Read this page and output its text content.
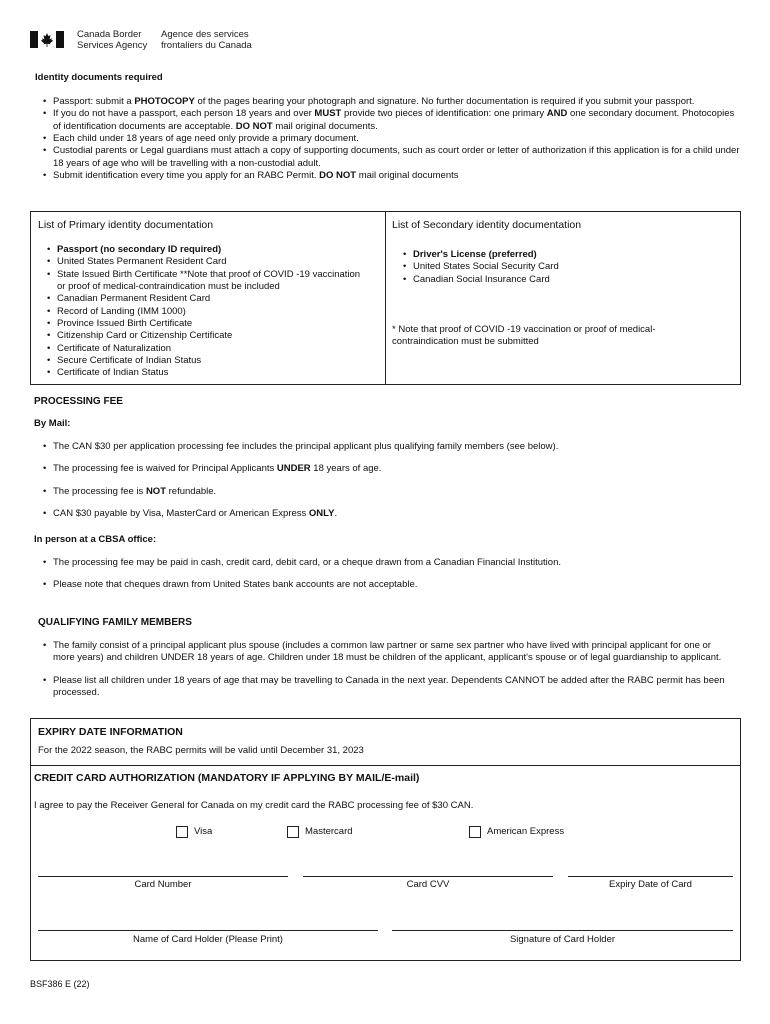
Canada Border
Services Agency
Agence des services
frontaliers du Canada
Identity documents required
• Passport: submit a PHOTOCOPY of the pages bearing your photograph and signature. No further documentation is required if you submit your passport.
• If you do not have a passport, each person 18 years and over MUST provide two pieces of identification: one primary AND one secondary document. Photocopies of identification documents are acceptable. DO NOT mail original documents.
• Each child under 18 years of age need only provide a primary document.
• Custodial parents or Legal guardians must attach a copy of supporting documents, such as court order or letter of authorization if this application is for a child under 18 years of age who will be travelling with a non-custodial adult.
• Submit identification every time you apply for an RABC Permit. DO NOT mail original documents
List of Primary identity documentation
• Passport (no secondary ID required)
• United States Permanent Resident Card
• State Issued Birth Certificate **Note that proof of COVID -19 vaccination or proof of medical-contraindication must be included
• Canadian Permanent Resident Card
• Record of Landing (IMM 1000)
• Province Issued Birth Certificate
• Citizenship Card or Citizenship Certificate
• Certificate of Naturalization
• Secure Certificate of Indian Status
• Certificate of Indian Status
List of Secondary identity documentation
• Driver's License (preferred)
• United States Social Security Card
• Canadian Social Insurance Card
* Note that proof of COVID -19 vaccination or proof of medical-contraindication must be submitted
PROCESSING FEE
By Mail:
• The CAN $30 per application processing fee includes the principal applicant plus qualifying family members (see below).
• The processing fee is waived for Principal Applicants UNDER 18 years of age.
• The processing fee is NOT refundable.
• CAN $30 payable by Visa, MasterCard or American Express ONLY.
In person at a CBSA office:
• The processing fee may be paid in cash, credit card, debit card, or a cheque drawn from a Canadian Financial Institution.
• Please note that cheques drawn from United States bank accounts are not acceptable.
QUALIFYING FAMILY MEMBERS
• The family consist of a principal applicant plus spouse (includes a common law partner or same sex partner who have lived with principal applicant for one or more years) and children UNDER 18 years of age. Children under 18 must be children of the applicant, applicant's spouse or of legal guardianship to applicant.
• Please list all children under 18 years of age that may be travelling to Canada in the next year. Dependents CANNOT be added after the RABC permit has been processed.
EXPIRY DATE INFORMATION
For the 2022 season, the RABC permits will be valid until December 31, 2023
CREDIT CARD AUTHORIZATION (MANDATORY IF APPLYING BY MAIL/E-mail)
I agree to pay the Receiver General for Canada on my credit card the RABC processing fee of $30 CAN.
Visa	Mastercard	American Express
Card Number	Card CVV	Expiry Date of Card
Name of Card Holder (Please Print)	Signature of Card Holder
BSF386 E (22)
